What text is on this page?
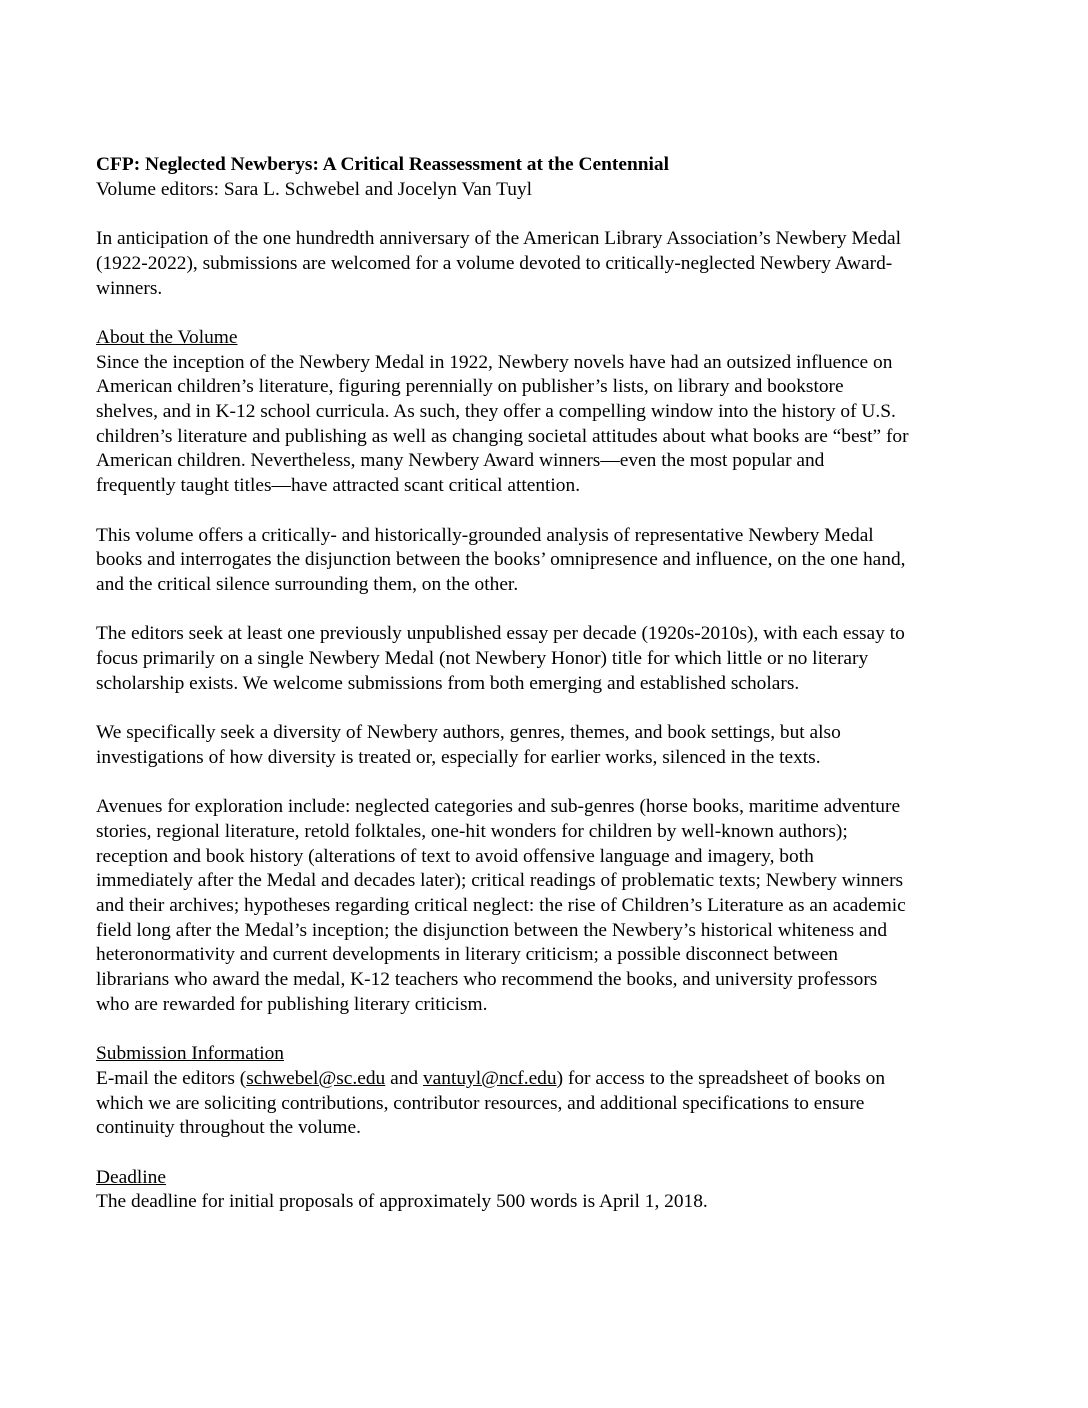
CFP: Neglected Newberys: A Critical Reassessment at the Centennial
Volume editors: Sara L. Schwebel and Jocelyn Van Tuyl
In anticipation of the one hundredth anniversary of the American Library Association’s Newbery Medal
(1922-2022), submissions are welcomed for a volume devoted to critically-neglected Newbery Award-
winners.
About the Volume
Since the inception of the Newbery Medal in 1922, Newbery novels have had an outsized influence on
American children’s literature, figuring perennially on publisher’s lists, on library and bookstore
shelves, and in K-12 school curricula. As such, they offer a compelling window into the history of U.S.
children’s literature and publishing as well as changing societal attitudes about what books are “best” for
American children. Nevertheless, many Newbery Award winners—even the most popular and
frequently taught titles—have attracted scant critical attention.
This volume offers a critically- and historically-grounded analysis of representative Newbery Medal
books and interrogates the disjunction between the books’ omnipresence and influence, on the one hand,
and the critical silence surrounding them, on the other.
The editors seek at least one previously unpublished essay per decade (1920s-2010s), with each essay to
focus primarily on a single Newbery Medal (not Newbery Honor) title for which little or no literary
scholarship exists. We welcome submissions from both emerging and established scholars.
We specifically seek a diversity of Newbery authors, genres, themes, and book settings, but also
investigations of how diversity is treated or, especially for earlier works, silenced in the texts.
Avenues for exploration include: neglected categories and sub-genres (horse books, maritime adventure
stories, regional literature, retold folktales, one-hit wonders for children by well-known authors);
reception and book history (alterations of text to avoid offensive language and imagery, both
immediately after the Medal and decades later); critical readings of problematic texts; Newbery winners
and their archives; hypotheses regarding critical neglect: the rise of Children’s Literature as an academic
field long after the Medal’s inception; the disjunction between the Newbery’s historical whiteness and
heteronormativity and current developments in literary criticism; a possible disconnect between
librarians who award the medal, K-12 teachers who recommend the books, and university professors
who are rewarded for publishing literary criticism.
Submission Information
E-mail the editors (schwebel@sc.edu and vantuyl@ncf.edu) for access to the spreadsheet of books on
which we are soliciting contributions, contributor resources, and additional specifications to ensure
continuity throughout the volume.
Deadline
The deadline for initial proposals of approximately 500 words is April 1, 2018.
